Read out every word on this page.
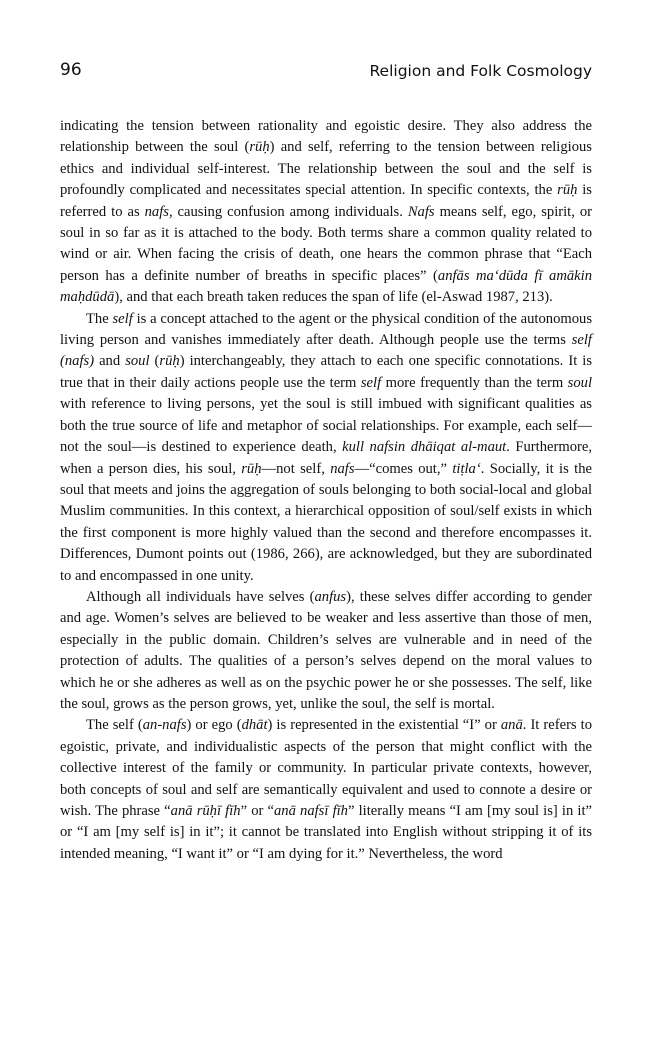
96	Religion and Folk Cosmology

indicating the tension between rationality and egoistic desire. They also address the relationship between the soul (rūḥ) and self, referring to the tension between religious ethics and individual self-interest. The relationship between the soul and the self is profoundly complicated and necessitates special attention. In specific contexts, the rūḥ is referred to as nafs, causing confusion among individuals. Nafs means self, ego, spirit, or soul in so far as it is attached to the body. Both terms share a common quality related to wind or air. When facing the crisis of death, one hears the common phrase that “Each person has a definite number of breaths in specific places” (anfās ma‘dūda fī amākin maḥdūdā), and that each breath taken reduces the span of life (el-Aswad 1987, 213).

The self is a concept attached to the agent or the physical condition of the autonomous living person and vanishes immediately after death. Although people use the terms self (nafs) and soul (rūḥ) interchangeably, they attach to each one specific connotations. It is true that in their daily actions people use the term self more frequently than the term soul with reference to living persons, yet the soul is still imbued with significant qualities as both the true source of life and metaphor of social relationships. For example, each self— not the soul—is destined to experience death, kull nafsin dhāiqat al-maut. Furthermore, when a person dies, his soul, rūḥ—not self, nafs—“comes out,” tiṭla‘. Socially, it is the soul that meets and joins the aggregation of souls belonging to both social-local and global Muslim communities. In this context, a hierarchical opposition of soul/self exists in which the first component is more highly valued than the second and therefore encompasses it. Differences, Dumont points out (1986, 266), are acknowledged, but they are subordinated to and encompassed in one unity.

Although all individuals have selves (anfus), these selves differ according to gender and age. Women’s selves are believed to be weaker and less assertive than those of men, especially in the public domain. Children’s selves are vulnerable and in need of the protection of adults. The qualities of a person’s selves depend on the moral values to which he or she adheres as well as on the psychic power he or she possesses. The self, like the soul, grows as the person grows, yet, unlike the soul, the self is mortal.

The self (an-nafs) or ego (dhāt) is represented in the existential “I” or anā. It refers to egoistic, private, and individualistic aspects of the person that might conflict with the collective interest of the family or community. In particular private contexts, however, both concepts of soul and self are semantically equivalent and used to connote a desire or wish. The phrase “anā rūḥī fīh” or “anā nafsī fīh” literally means “I am [my soul is] in it” or “I am [my self is] in it”; it cannot be translated into English without stripping it of its intended meaning, “I want it” or “I am dying for it.” Nevertheless, the word
